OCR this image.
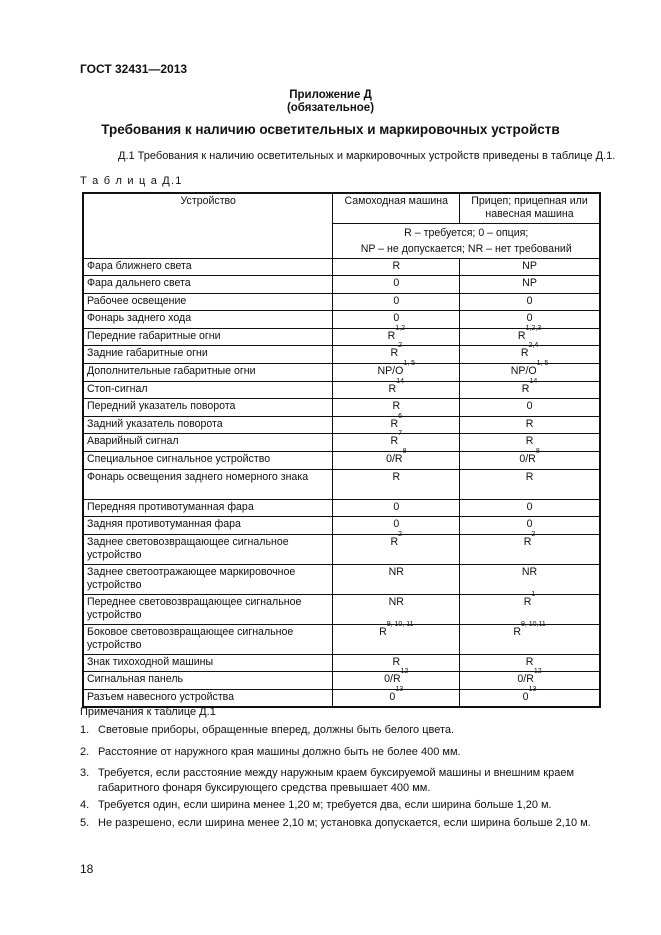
ГОСТ 32431—2013
Приложение Д
(обязательное)
Требования к наличию осветительных и маркировочных устройств
Д.1 Требования к наличию осветительных и маркировочных устройств приведены в таблице Д.1.
Т а б л и ц а Д.1
Устройство	Самоходная машина	Прицеп; прицепная или навесная машина

	R – требуется; 0 – опция;
NP – не допускается; NR – нет требований	

Фара ближнего света	R	NP
Фара дальнего света	0	NP
Рабочее освещение	0	0
Фонарь заднего хода	0	0
Передние габаритные огни	R$^{1,2}$	R$^{1,2,3}$
Задние габаритные огни	$R^2$	R$^{2,4}$
Дополнительные габаритные огни	$NP/O^{1, 5}$	$NP/O^{1, 5}$
Стоп-сигнал	$R^{14}$	$R^{14}$
Передний указатель поворота	R	0
Задний указатель поворота	$R^6$	R
Аварийный сигнал	$R^7$	R
Специальное сигнальное устройство	$0/R^8$	$0/R^8$
Фонарь освещения заднего номерного знака	R	R
Передняя противотуманная фара	0	0
Задняя противотуманная фара	0	0
Заднее световозвращающее сигнальное устройство	$R^2$	$R^2$
Заднее светоотражающее маркировочное устройство	NR	NR
Переднее световозвращающее сигнальное устройство	NR	$R^1$
Боковое световозвращающее сигнальное устройство	R$^{9, 10, 11}$	R$^{9, 10,11}$
Знак тихоходной машины	R	R
Сигнальная панель	$0/R^{12}$	$0/R^{12}$
Разъем навесного устройства	$0^{13}$	$0^{13}$
Примечания к таблице Д.1
1. Световые приборы, обращенные вперед, должны быть белого цвета.
2. Расстояние от наружного края машины должно быть не более 400 мм.
3. Требуется, если расстояние между наружным краем буксируемой машины и внешним краем габаритного фонаря буксирующего средства превышает 400 мм.
4. Требуется один, если ширина менее 1,20 м; требуется два, если ширина больше 1,20 м.
5. Не разрешено, если ширина менее 2,10 м; установка допускается, если ширина больше 2,10 м.
18
